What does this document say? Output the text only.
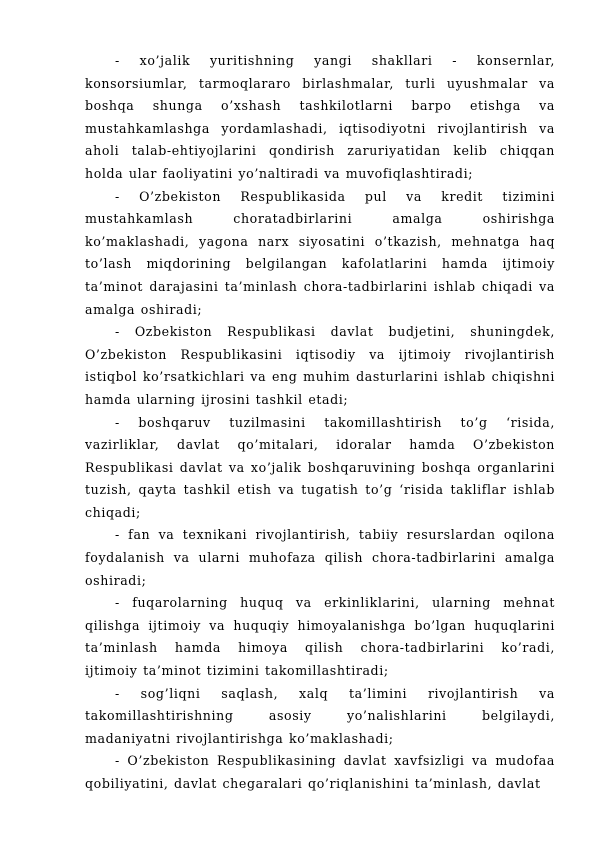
- xo’jalik yuritishning yangi shakllari - konsernlar, konsorsiumlar, tarmoqlararo birlashmalar, turli uyushmalar va boshqa shunga o’xshash tashkilotlarni barpo etishga va mustahkamlashga yordamlashadi, iqtisodiyotni rivojlantirish va aholi talab-ehtiyojlarini qondirish zaruriyatidan kelib chiqqan holda ular faoliyatini yo’naltiradi va muvofiqlashtiradi;

- O’zbekiston Respublikasida pul va kredit tizimini mustahkamlash choratadbirlarini amalga oshirishga ko’maklashadi, yagona narx siyosatini o’tkazish, mehnatga haq to’lash miqdorining belgilangan kafolatlarini hamda ijtimoiy ta’minot darajasini ta’minlash chora-tadbirlarini ishlab chiqadi va amalga oshiradi;

- Ozbekiston Respublikasi davlat budjetini, shuningdek, O’zbekiston Respublikasini iqtisodiy va ijtimoiy rivojlantirish istiqbol ko’rsatkichlari va eng muhim dasturlarini ishlab chiqishni hamda ularning ijrosini tashkil etadi;

- boshqaruv tuzilmasini takomillashtirish to’g ‘risida, vazirliklar, davlat qo’mitalari, idoralar hamda O’zbekiston Respublikasi davlat va xo’jalik boshqaruvining boshqa organlarini tuzish, qayta tashkil etish va tugatish to’g ‘risida takliflar ishlab chiqadi;

- fan va texnikani rivojlantirish, tabiiy resurslardan oqilona foydalanish va ularni muhofaza qilish chora-tadbirlarini amalga oshiradi;

- fuqarolarning huquq va erkinliklarini, ularning mehnat qilishga ijtimoiy va huquqiy himoyalanishga bo’lgan huquqlarini ta’minlash hamda himoya qilish chora-tadbirlarini ko’radi, ijtimoiy ta’minot tizimini takomillashtiradi;

- sog’liqni saqlash, xalq ta’limini rivojlantirish va takomillashtirishning asosiy yo’nalishlarini belgilaydi, madaniyatni rivojlantirishga ko’maklashadi;

- O’zbekiston Respublikasining davlat xavfsizligi va mudofaa qobiliyatini, davlat chegaralari qo’riqlanishini ta’minlash, davlat
